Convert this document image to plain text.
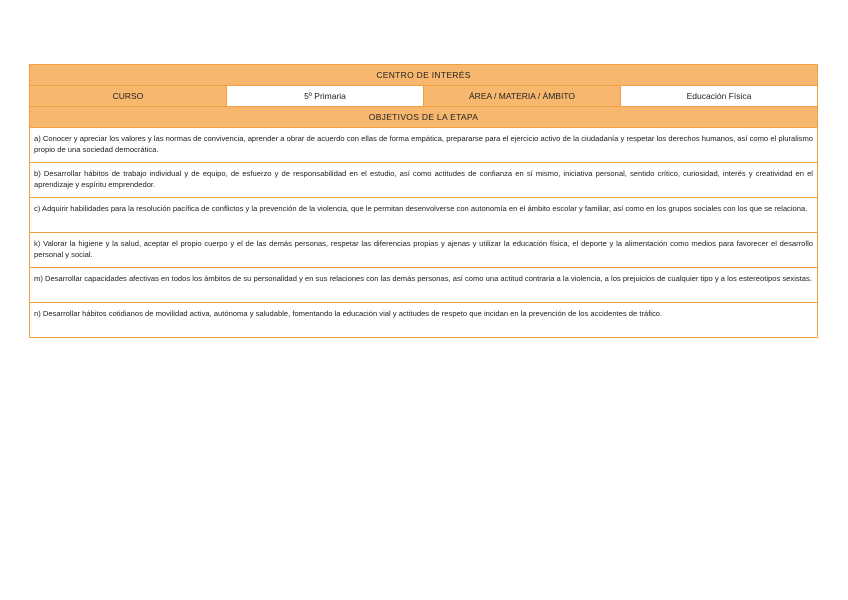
CENTRO DE INTERÉS
CURSO	5º Primaria	ÁREA / MATERIA / ÁMBITO	Educación Física
OBJETIVOS DE LA ETAPA
a) Conocer y apreciar los valores y las normas de convivencia, aprender a obrar de acuerdo con ellas de forma empática, prepararse para el ejercicio activo de la ciudadanía y respetar los derechos humanos, así como el pluralismo propio de una sociedad democrática.
b) Desarrollar hábitos de trabajo individual y de equipo, de esfuerzo y de responsabilidad en el estudio, así como actitudes de confianza en sí mismo, iniciativa personal, sentido crítico, curiosidad, interés y creatividad en el aprendizaje y espíritu emprendedor.
c) Adquirir habilidades para la resolución pacífica de conflictos y la prevención de la violencia, que le permitan desenvolverse con autonomía en el ámbito escolar y familiar, así como en los grupos sociales con los que se relaciona.
k) Valorar la higiene y la salud, aceptar el propio cuerpo y el de las demás personas, respetar las diferencias propias y ajenas y utilizar la educación física, el deporte y la alimentación como medios para favorecer el desarrollo personal y social.
m) Desarrollar capacidades afectivas en todos los ámbitos de su personalidad y en sus relaciones con las demás personas, así como una actitud contraria a la violencia, a los prejuicios de cualquier tipo y a los estereotipos sexistas.
n) Desarrollar hábitos cotidianos de movilidad activa, autónoma y saludable, fomentando la educación vial y actitudes de respeto que incidan en la prevención de los accidentes de tráfico.
